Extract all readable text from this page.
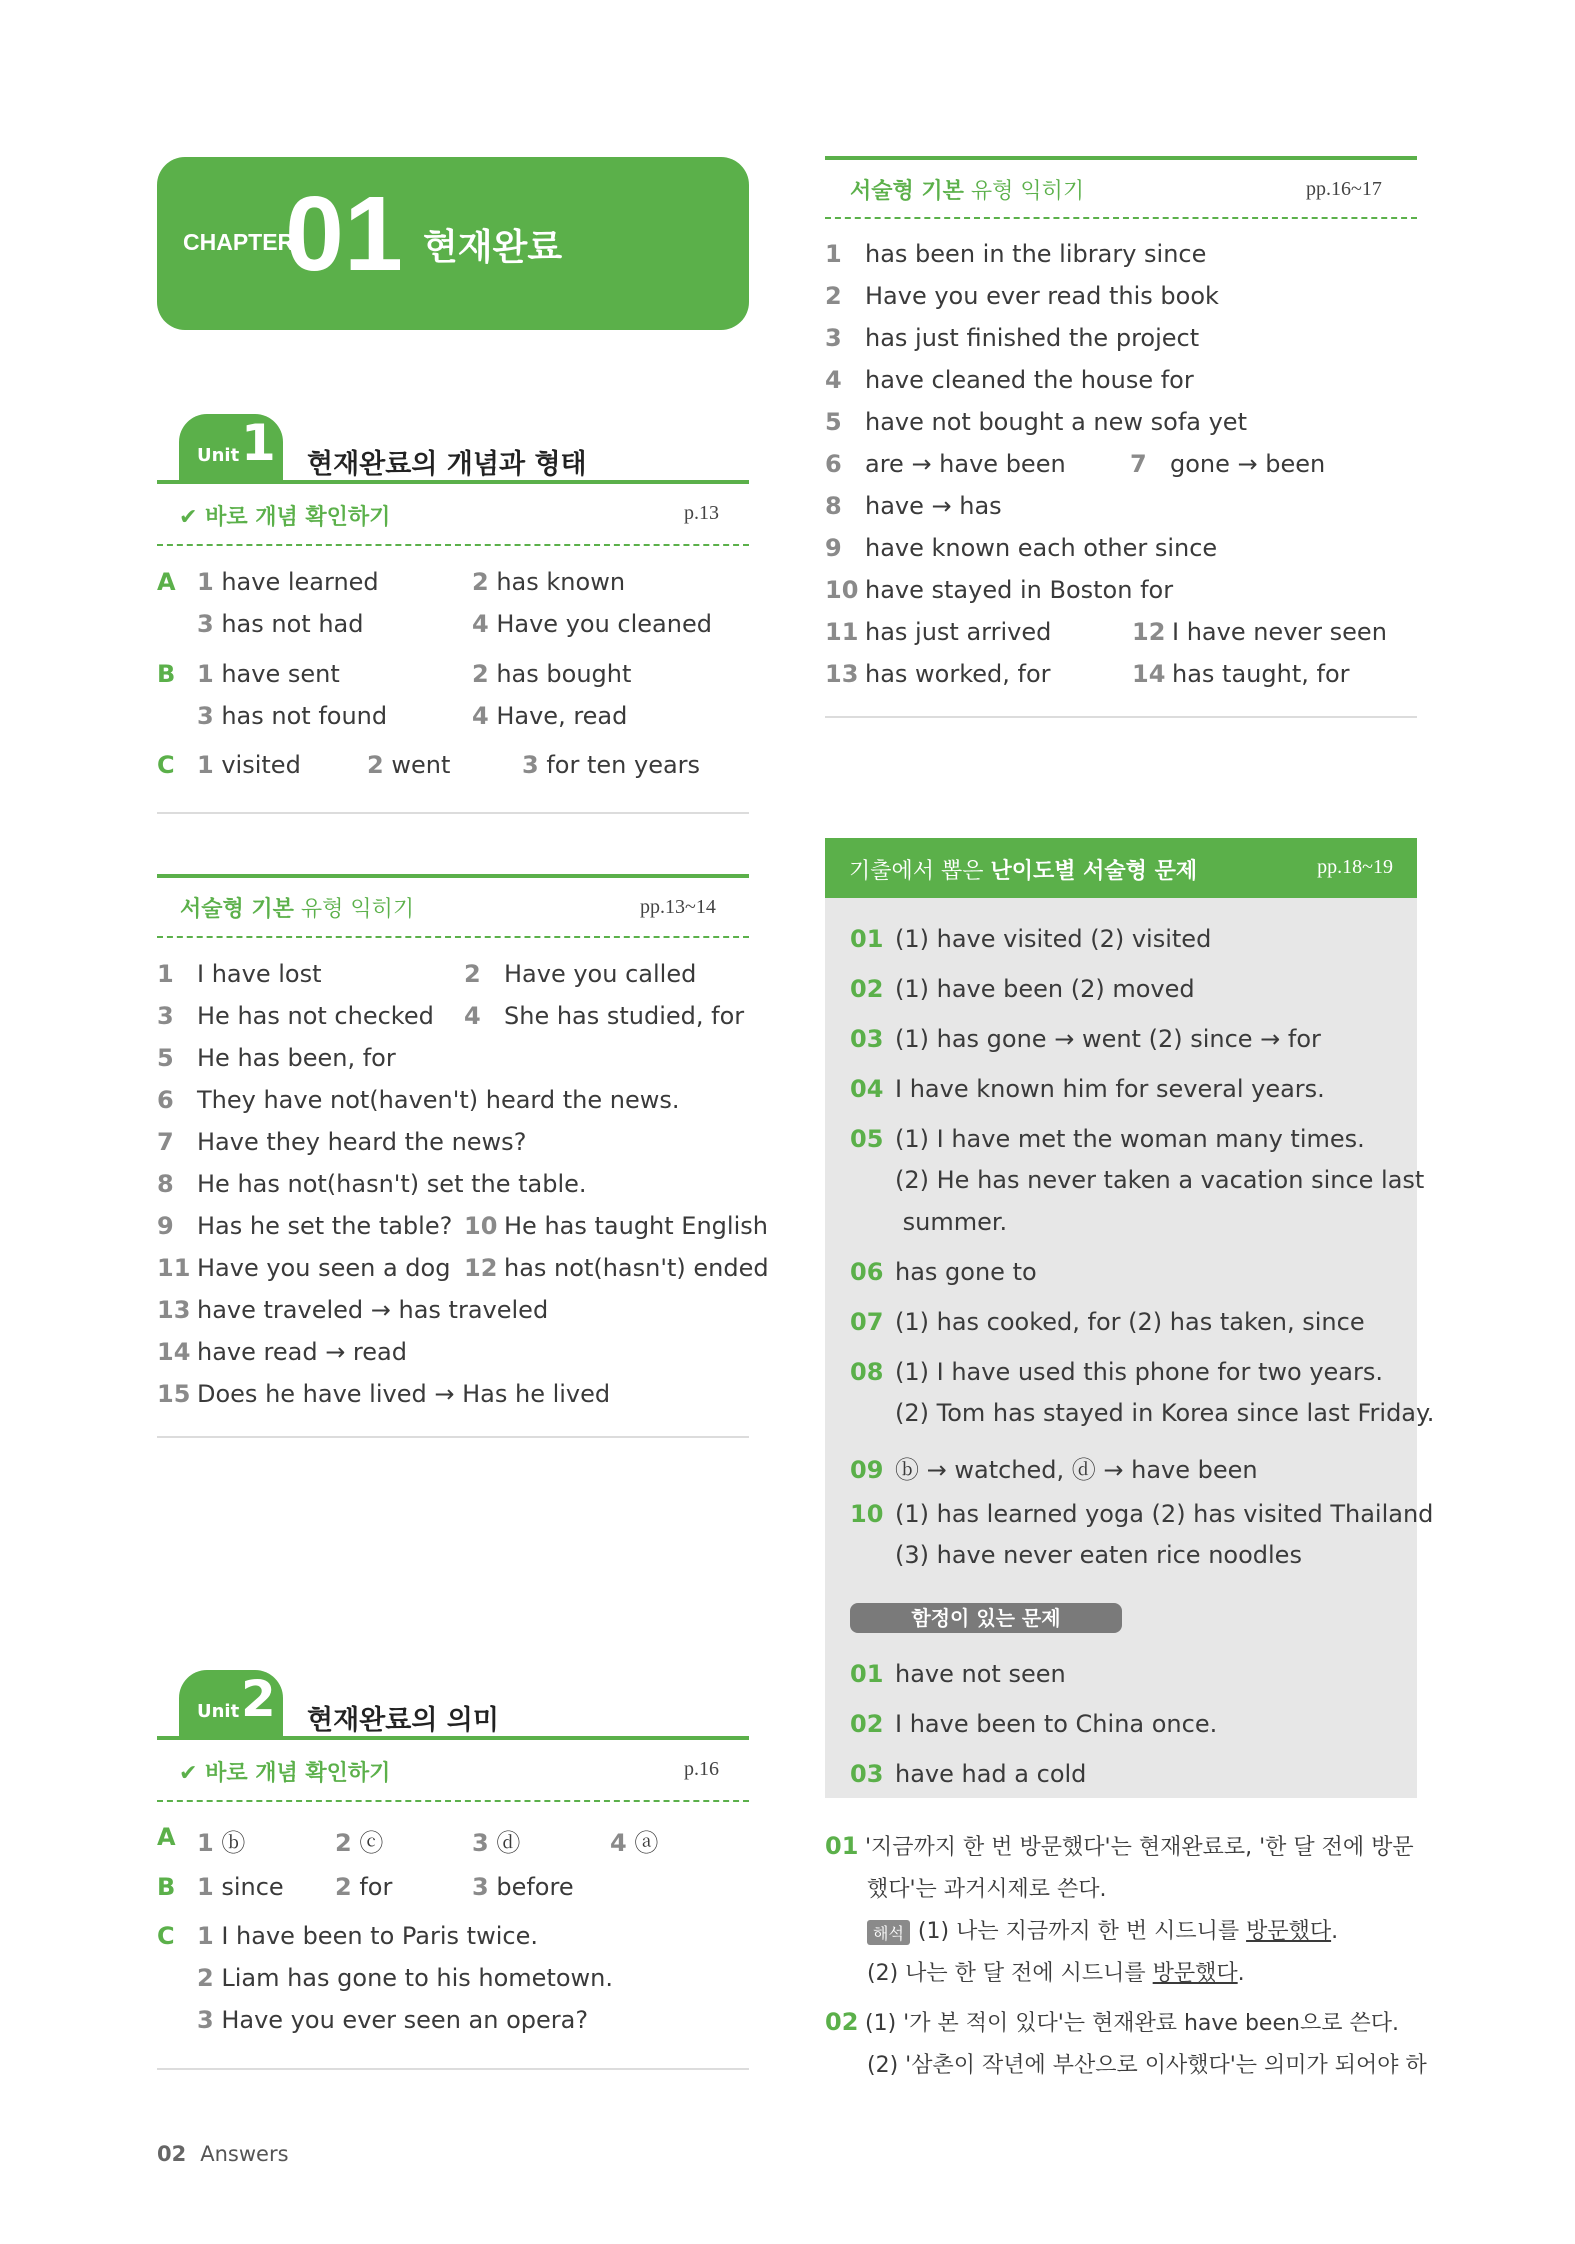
CHAPTER
01 현재완료
Unit 1 현재완료의 개념과 형태
✔ 바로 개념 확인하기	p.13
A 1 have learned	2 has known
3 has not had	4 Have you cleaned
B 1 have sent	2 has bought
3 has not found	4 Have, read
C 1 visited	2 went	3 for ten years
서술형 기본 유형 익히기	pp.13~14
1 I have lost	2 Have you called
3 He has not checked 4 She has studied, for
5 He has been, for
6 They have not(haven't) heard the news.
7 Have they heard the news?
8 He has not(hasn't) set the table.
9 Has he set the table? 10 He has taught English
11 Have you seen a dog 12 has not(hasn't) ended
13 have traveled → has traveled
14 have read → read
15 Does he have lived → Has he lived
Unit 2 현재완료의 의미
✔ 바로 개념 확인하기	p.16
A 1 ⓑ	2 ⓒ	3 ⓓ	4 ⓐ
B 1 since 2 for	3 before
C 1 I have been to Paris twice.
2 Liam has gone to his hometown.
3 Have you ever seen an opera?
서술형 기본 유형 익히기	pp.16~17
1 has been in the library since
2 Have you ever read this book
3 has just finished the project
4 have cleaned the house for
5 have not bought a new sofa yet
6 are → have been	7 gone → been
8 have → has
9 have known each other since
10 have stayed in Boston for
11 has just arrived	12 I have never seen
13 has worked, for	14 has taught, for
기출에서 뽑은 난이도별 서술형 문제	pp.18~19
01 (1) have visited (2) visited
02 (1) have been (2) moved
03 (1) has gone → went (2) since → for
04 I have known him for several years.
05 (1) I have met the woman many times.
(2) He has never taken a vacation since last
summer.
06 has gone to
07 (1) has cooked, for (2) has taken, since
08 (1) I have used this phone for two years.
(2) Tom has stayed in Korea since last Friday.
09 ⓑ → watched, ⓓ → have been
10 (1) has learned yoga (2) has visited Thailand
(3) have never eaten rice noodles
함정이 있는 문제
01 have not seen
02 I have been to China once.
03 have had a cold
01 '지금까지 한 번 방문했다'는 현재완료로, '한 달 전에 방문
했다'는 과거시제로 쓴다.
해석 (1) 나는 지금까지 한 번 시드니를 방문했다.
(2) 나는 한 달 전에 시드니를 방문했다.
02 (1) '가 본 적이 있다'는 현재완료 have been으로 쓴다.
(2) '삼촌이 작년에 부산으로 이사했다'는 의미가 되어야 하
02 Answers
